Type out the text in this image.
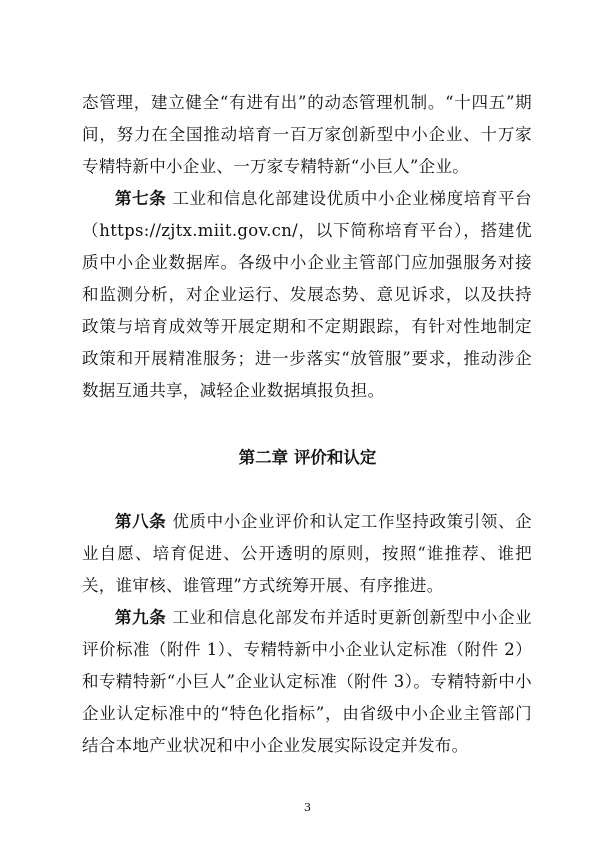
态管理，建立健全“有进有出”的动态管理机制。“十四五”期间，努力在全国推动培育一百万家创新型中小企业、十万家专精特新中小企业、一万家专精特新“小巨人”企业。

第七条 工业和信息化部建设优质中小企业梯度培育平台（https://zjtx.miit.gov.cn/，以下简称培育平台），搭建优质中小企业数据库。各级中小企业主管部门应加强服务对接和监测分析，对企业运行、发展态势、意见诉求，以及扶持政策与培育成效等开展定期和不定期跟踪，有针对性地制定政策和开展精准服务；进一步落实“放管服”要求，推动涉企数据互通共享，减轻企业数据填报负担。

第二章 评价和认定

第八条 优质中小企业评价和认定工作坚持政策引领、企业自愿、培育促进、公开透明的原则，按照“谁推荐、谁把关，谁审核、谁管理”方式统筹开展、有序推进。

第九条 工业和信息化部发布并适时更新创新型中小企业评价标准（附件 1）、专精特新中小企业认定标准（附件 2）和专精特新“小巨人”企业认定标准（附件 3）。专精特新中小企业认定标准中的“特色化指标”，由省级中小企业主管部门结合本地产业状况和中小企业发展实际设定并发布。

3
